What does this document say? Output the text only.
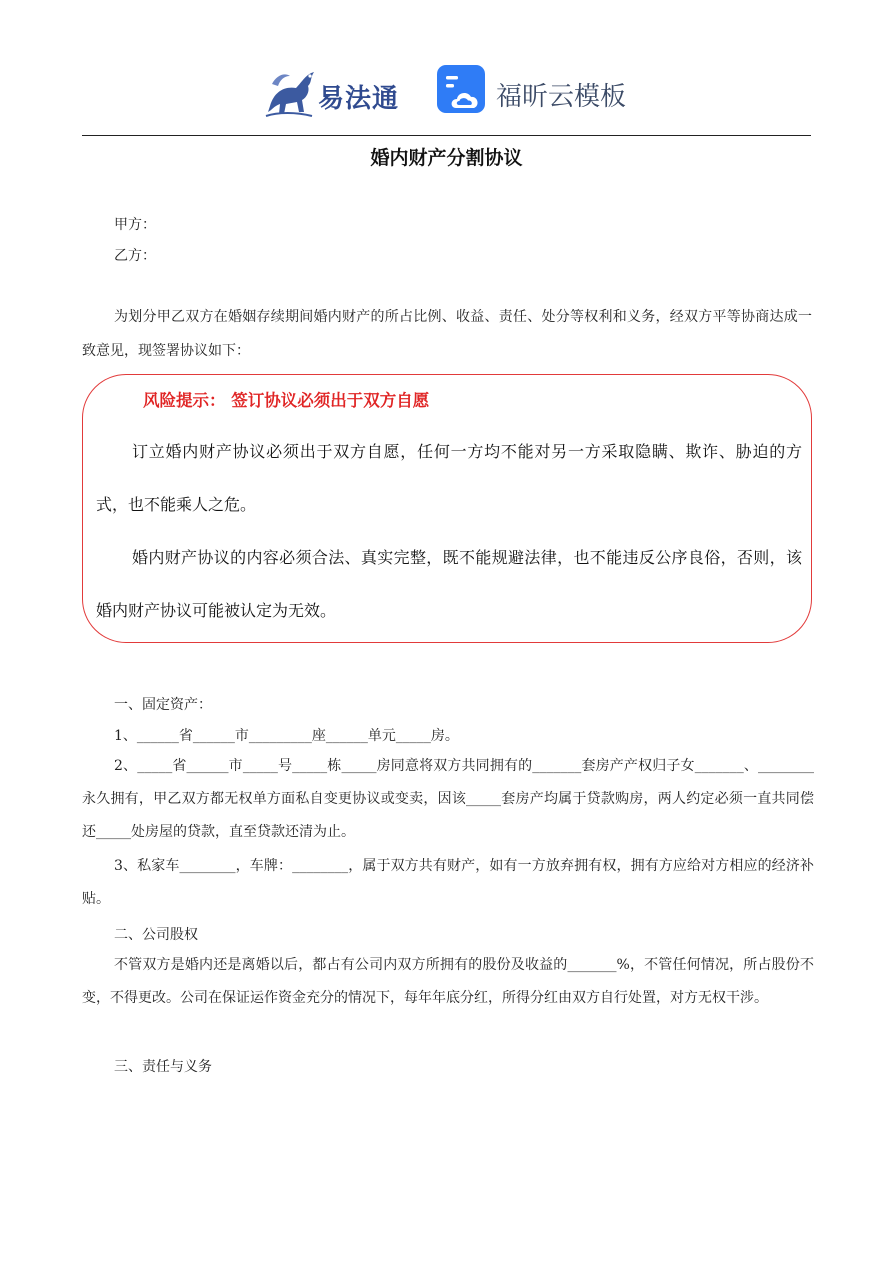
易法通	福昕云模板
婚内财产分割协议
甲方：
乙方：
为划分甲乙双方在婚姻存续期间婚内财产的所占比例、收益、责任、处分等权利和义务，经双方平等协商达成一致意见，现签署协议如下：
风险提示： 签订协议必须出于双方自愿
订立婚内财产协议必须出于双方自愿，任何一方均不能对另一方采取隐瞒、欺诈、胁迫的方式，也不能乘人之危。
婚内财产协议的内容必须合法、真实完整，既不能规避法律，也不能违反公序良俗，否则，该婚内财产协议可能被认定为无效。
一、固定资产：
1、______省______市_________座______单元_____房。
2、_____省______市_____号_____栋_____房同意将双方共同拥有的_______套房产产权归子女_______、________永久拥有，甲乙双方都无权单方面私自变更协议或变卖，因该_____套房产均属于贷款购房，两人约定必须一直共同偿还_____处房屋的贷款，直至贷款还清为止。
3、私家车________，车牌：________，属于双方共有财产，如有一方放弃拥有权，拥有方应给对方相应的经济补贴。
二、公司股权
不管双方是婚内还是离婚以后，都占有公司内双方所拥有的股份及收益的_______%，不管任何情况，所占股份不变，不得更改。公司在保证运作资金充分的情况下，每年年底分红，所得分红由双方自行处置，对方无权干涉。
三、责任与义务
